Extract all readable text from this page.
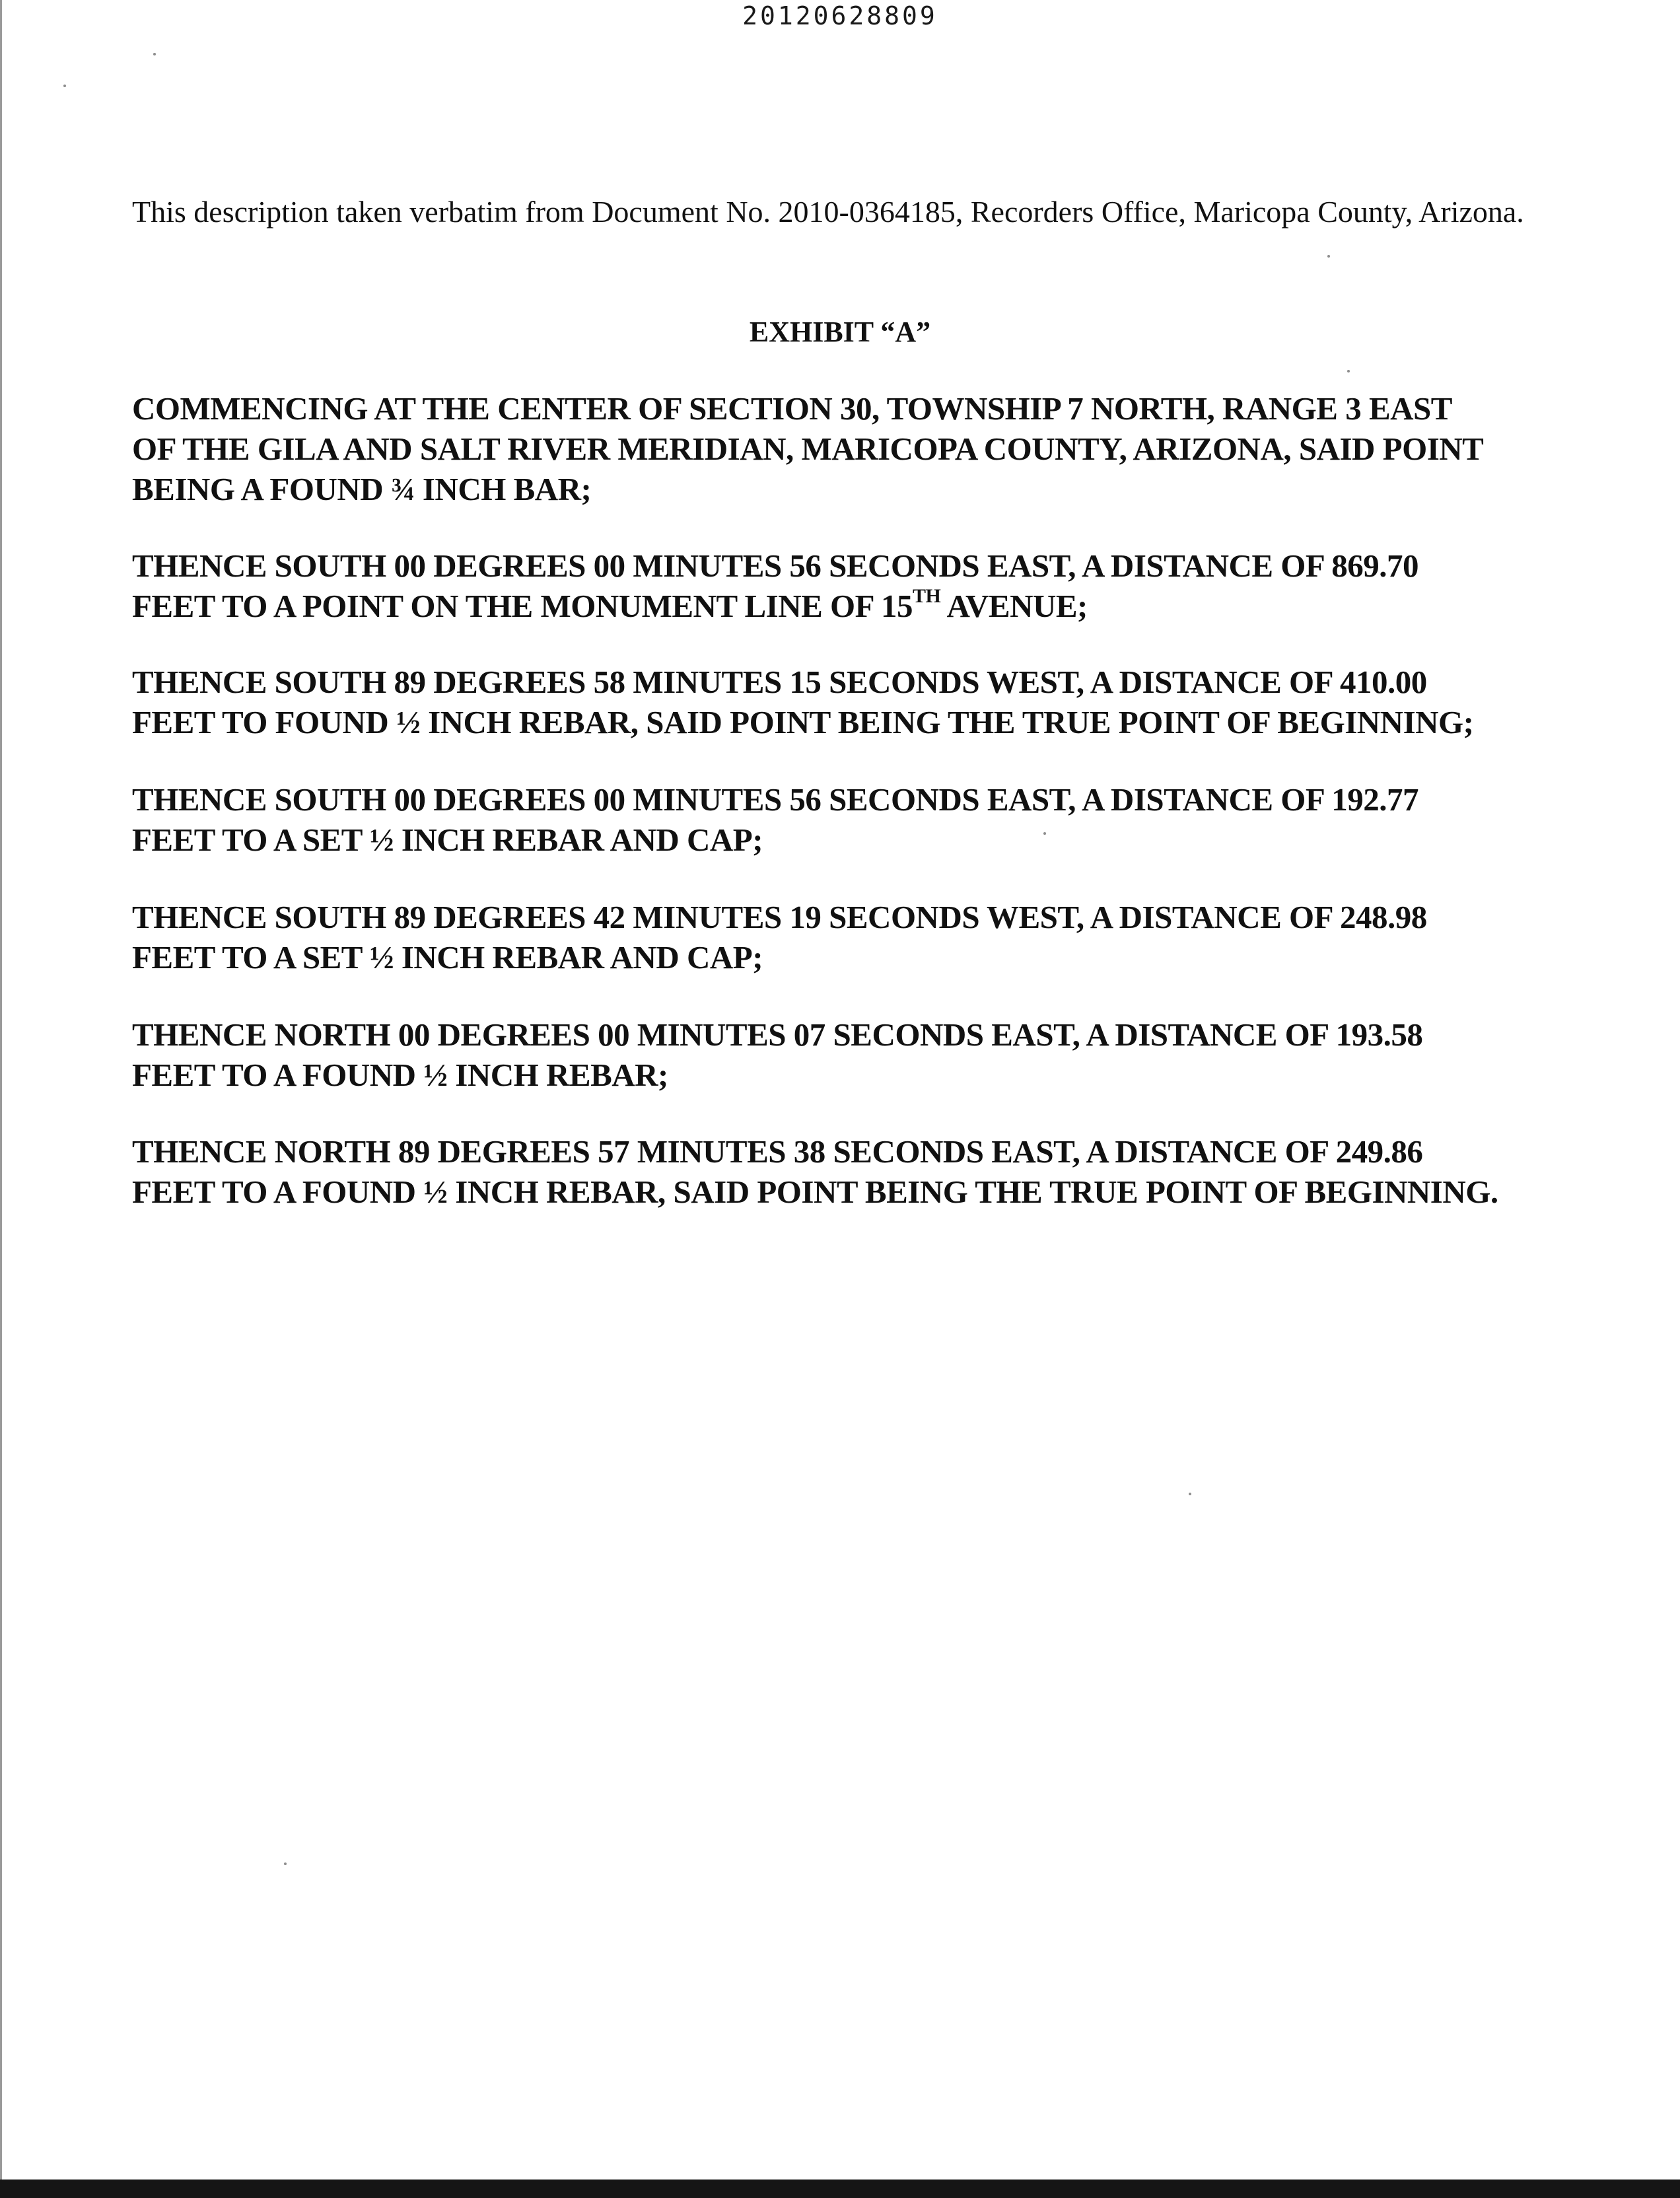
20120628809
This description taken verbatim from Document No. 2010-0364185, Recorders Office, Maricopa County, Arizona.
EXHIBIT “A”

COMMENCING AT THE CENTER OF SECTION 30, TOWNSHIP 7 NORTH, RANGE 3 EAST
OF THE GILA AND SALT RIVER MERIDIAN, MARICOPA COUNTY, ARIZONA, SAID POINT
BEING A FOUND ¾ INCH BAR;

THENCE SOUTH 00 DEGREES 00 MINUTES 56 SECONDS EAST, A DISTANCE OF 869.70
FEET TO A POINT ON THE MONUMENT LINE OF 15TH AVENUE;

THENCE SOUTH 89 DEGREES 58 MINUTES 15 SECONDS WEST, A DISTANCE OF 410.00
FEET TO FOUND ½ INCH REBAR, SAID POINT BEING THE TRUE POINT OF BEGINNING;

THENCE SOUTH 00 DEGREES 00 MINUTES 56 SECONDS EAST, A DISTANCE OF 192.77
FEET TO A SET ½ INCH REBAR AND CAP;

THENCE SOUTH 89 DEGREES 42 MINUTES 19 SECONDS WEST, A DISTANCE OF 248.98
FEET TO A SET ½ INCH REBAR AND CAP;

THENCE NORTH 00 DEGREES 00 MINUTES 07 SECONDS EAST, A DISTANCE OF 193.58
FEET TO A FOUND ½ INCH REBAR;

THENCE NORTH 89 DEGREES 57 MINUTES 38 SECONDS EAST, A DISTANCE OF 249.86
FEET TO A FOUND ½ INCH REBAR, SAID POINT BEING THE TRUE POINT OF BEGINNING.
